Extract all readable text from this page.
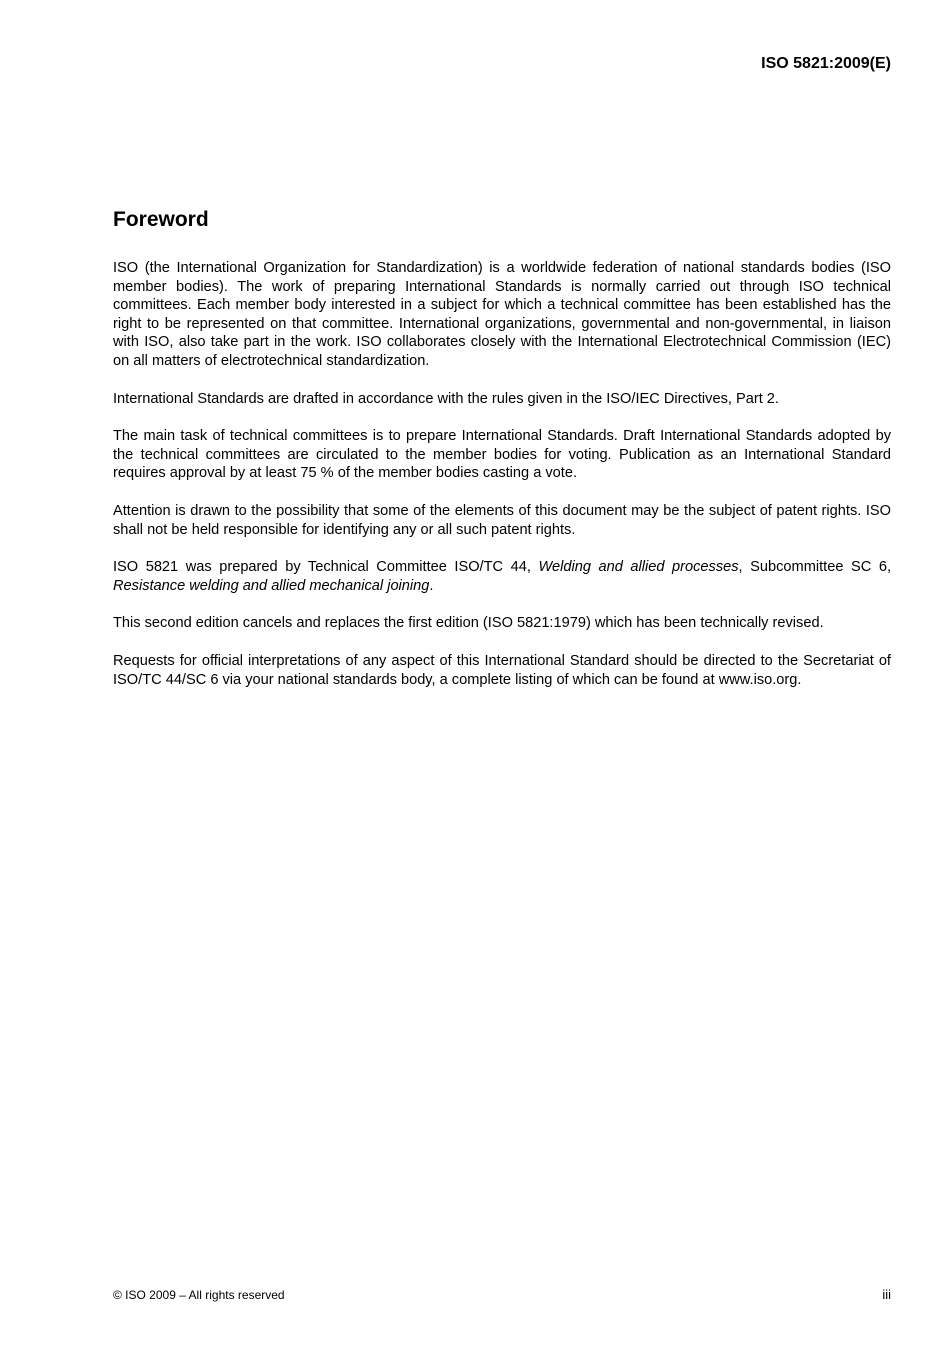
ISO 5821:2009(E)

Foreword

ISO (the International Organization for Standardization) is a worldwide federation of national standards bodies (ISO member bodies). The work of preparing International Standards is normally carried out through ISO technical committees. Each member body interested in a subject for which a technical committee has been established has the right to be represented on that committee. International organizations, governmental and non-governmental, in liaison with ISO, also take part in the work. ISO collaborates closely with the International Electrotechnical Commission (IEC) on all matters of electrotechnical standardization.

International Standards are drafted in accordance with the rules given in the ISO/IEC Directives, Part 2.

The main task of technical committees is to prepare International Standards. Draft International Standards adopted by the technical committees are circulated to the member bodies for voting. Publication as an International Standard requires approval by at least 75 % of the member bodies casting a vote.

Attention is drawn to the possibility that some of the elements of this document may be the subject of patent rights. ISO shall not be held responsible for identifying any or all such patent rights.

ISO 5821 was prepared by Technical Committee ISO/TC 44, Welding and allied processes, Subcommittee SC 6, Resistance welding and allied mechanical joining.

This second edition cancels and replaces the first edition (ISO 5821:1979) which has been technically revised.

Requests for official interpretations of any aspect of this International Standard should be directed to the Secretariat of ISO/TC 44/SC 6 via your national standards body, a complete listing of which can be found at www.iso.org.

© ISO 2009 – All rights reserved	iii
